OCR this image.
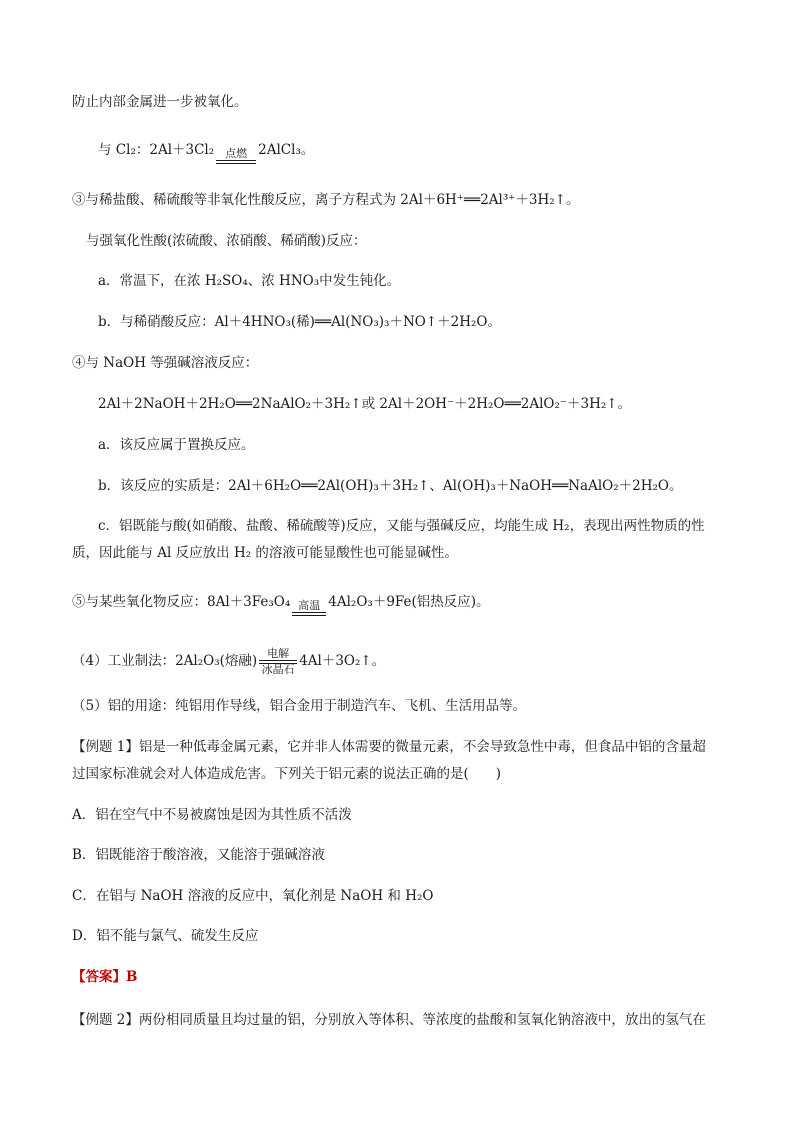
防止内部金属进一步被氧化。
与 Cl₂：2Al＋3Cl₂	点燃 2AlCl₃。
③与稀盐酸、稀硫酸等非氧化性酸反应，离子方程式为 2Al＋6H⁺══2Al³⁺＋3H₂↑。
与强氧化性酸(浓硫酸、浓硝酸、稀硝酸)反应：
a．常温下，在浓 H₂SO₄、浓 HNO₃中发生钝化。
b．与稀硝酸反应：Al＋4HNO₃(稀)══Al(NO₃)₃＋NO↑＋2H₂O。
④与 NaOH 等强碱溶液反应：
2Al＋2NaOH＋2H₂O══2NaAlO₂＋3H₂↑或 2Al＋2OH⁻＋2H₂O══2AlO₂⁻＋3H₂↑。
a．该反应属于置换反应。
b．该反应的实质是：2Al＋6H₂O══2Al(OH)₃＋3H₂↑、Al(OH)₃＋NaOH══NaAlO₂＋2H₂O。
c．铝既能与酸(如硝酸、盐酸、稀硫酸等)反应，又能与强碱反应，均能生成 H₂，表现出两性物质的性
质，因此能与 Al 反应放出 H₂ 的溶液可能显酸性也可能显碱性。
⑤与某些氧化物反应：8Al＋3Fe₃O₄ 高温 4Al₂O₃＋9Fe(铝热反应)。
（4）工业制法：2Al₂O₃(熔融) 电解
冰晶石
4Al＋3O₂↑。
（5）铝的用途：纯铝用作导线，铝合金用于制造汽车、飞机、生活用品等。
【例题 1】铝是一种低毒金属元素，它并非人体需要的微量元素，不会导致急性中毒，但食品中铝的含量超
过国家标准就会对人体造成危害。下列关于铝元素的说法正确的是(　　)
A．铝在空气中不易被腐蚀是因为其性质不活泼
B．铝既能溶于酸溶液，又能溶于强碱溶液
C．在铝与 NaOH 溶液的反应中，氧化剂是 NaOH 和 H₂O
D．铝不能与氯气、硫发生反应
【答案】B
【例题 2】两份相同质量且均过量的铝，分别放入等体积、等浓度的盐酸和氢氧化钠溶液中，放出的氢气在
